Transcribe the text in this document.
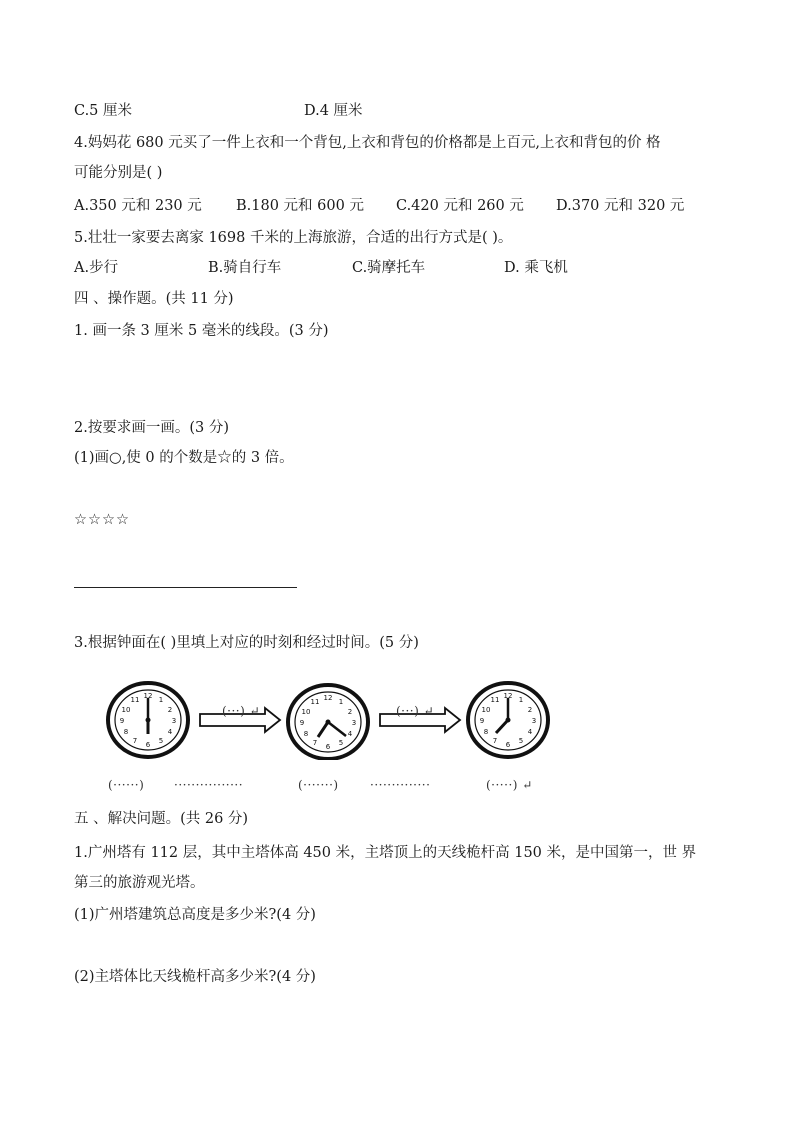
C.5 厘米	D.4 厘米
4.妈妈花 680 元买了一件上衣和一个背包,上衣和背包的价格都是上百元,上衣和背包的价 格
可能分别是( )
A.350 元和 230 元 B.180 元和 600 元 C.420 元和 260 元 D.370 元和 320 元
5.壮壮一家要去离家 1698 千米的上海旅游，合适的出行方式是( )。
A.步行	B.骑自行车	C.骑摩托车	D. 乘飞机
四 、操作题。(共 11 分)
1. 画一条 3 厘米 5 毫米的线段。(3 分)
2.按要求画一画。(3 分)
(1)画○,使 0 的个数是☆的 3 倍。
☆☆☆☆
3.根据钟面在( )里填上对应的时刻和经过时间。(5 分)
12 1
2
3
4
5
6
7
8
9
10
11	12 1
2
3
4
5
6
7
8
9
10
11
12 1
2
3
4
5
6
7
8
9
10
11
(···) ↵	(···) ↵
(······) ················	(·······)	··············	(·····) ↵
五 、解决问题。(共 26 分)
1.广州塔有 112 层，其中主塔体高 450 米，主塔顶上的天线桅杆高 150 米，是中国第一，世 界
第三的旅游观光塔。
(1)广州塔建筑总高度是多少米?(4 分)
(2)主塔体比天线桅杆高多少米?(4 分)
